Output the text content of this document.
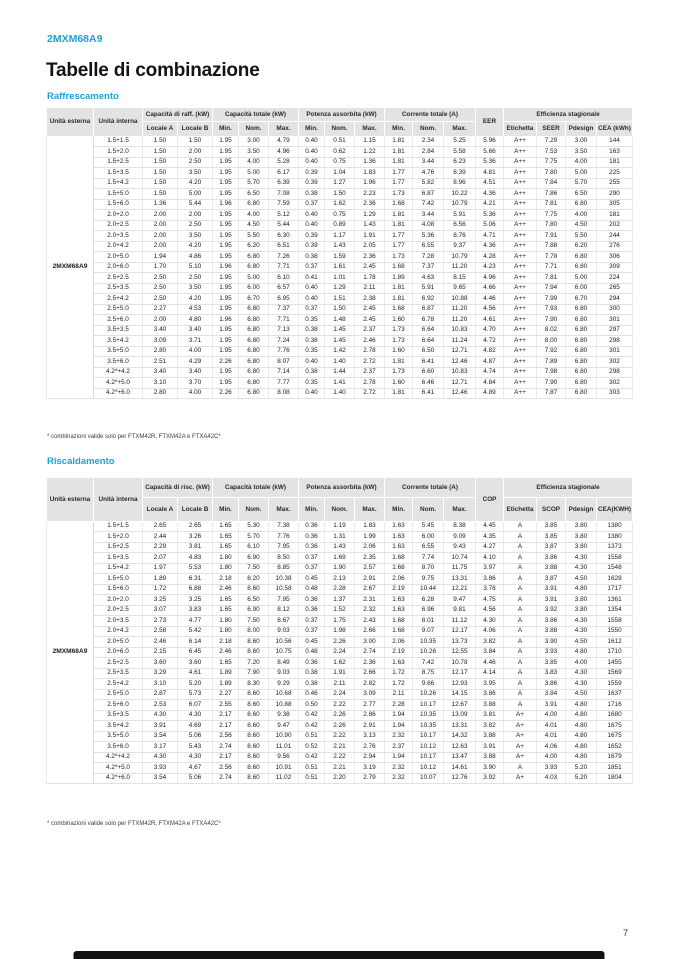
2MXM68A9
Tabelle di combinazione
Raffrescamento
Unità esterna	Unità interna	Capacità di raff. (kW)		Capacità totale (kW)			Potenza assorbita (kW)			Corrente totale (A)			EER	Efficienza stagionale			
		Locale A	Locale B	Min.	Nom.	Max.	Min.	Nom.	Max.	Min.	Nom.	Max.		Etichetta	SEER	Pdesign	CEA (kWh)
2MXM68A9	1.5+1.5	1.50	1.50	1.95	3.00	4.79	0.40	0.51	1.15	1.81	2.34	5.25	5.96	A++	7.29	3.00	144
	1.5+2.0	1.50	2.00	1.95	3.50	4.96	0.40	0.62	1.22	1.81	2.84	5.58	5.66	A++	7.53	3.50	163
	1.5+2.5	1.50	2.50	1.95	4.00	5.28	0.40	0.75	1.36	1.81	3.44	6.23	5.36	A++	7.75	4.00	181
	1.5+3.5	1.50	3.50	1.95	5.00	6.17	0.39	1.04	1.83	1.77	4.76	8.39	4.81	A++	7.80	5.00	225
	1.5+4.2	1.50	4.20	1.95	5.70	6.39	0.39	1.27	1.96	1.77	5.82	8.96	4.51	A++	7.84	5.70	255
	1.5+5.0	1.50	5.00	1.95	6.50	7.08	0.38	1.50	2.23	1.73	6.87	10.22	4.36	A++	7.86	6.50	290
	1.5+6.0	1.36	5.44	1.96	6.80	7.59	0.37	1.62	2.36	1.68	7.42	10.79	4.21	A++	7.81	6.80	305
	2.0+2.0	2.00	2.00	1.95	4.00	5.12	0.40	0.75	1.29	1.81	3.44	5.91	5.36	A++	7.75	4.00	181
	2.0+2.5	2.00	2.50	1.95	4.50	5.44	0.40	0.89	1.43	1.81	4.08	6.56	5.06	A++	7.80	4.50	202
	2.0+3.5	2.00	3.50	1.95	5.50	6.30	0.39	1.17	1.91	1.77	5.36	8.76	4.71	A++	7.91	5.50	244
	2.0+4.2	2.00	4.20	1.95	6.20	6.51	0.39	1.43	2.05	1.77	6.55	9.37	4.36	A++	7.88	6.20	276
	2.0+5.0	1.94	4.86	1.95	6.80	7.26	0.38	1.59	2.36	1.73	7.28	10.79	4.28	A++	7.78	6.80	306
	2.0+6.0	1.70	5.10	1.96	6.80	7.71	0.37	1.61	2.45	1.68	7.37	11.20	4.23	A++	7.71	6.80	309
	2.5+2.5	2.50	2.50	1.95	5.00	6.10	0.41	1.01	1.78	1.89	4.63	8.15	4.96	A++	7.81	5.00	224
	2.5+3.5	2.50	3.50	1.95	6.00	6.57	0.40	1.29	2.11	1.81	5.91	9.65	4.66	A++	7.94	6.00	265
	2.5+4.2	2.50	4.20	1.95	6.70	6.95	0.40	1.51	2.38	1.81	6.92	10.88	4.46	A++	7.99	6.70	294
	2.5+5.0	2.27	4.53	1.95	6.80	7.37	0.37	1.50	2.45	1.68	6.87	11.20	4.56	A++	7.93	6.80	300
	2.5+6.0	2.00	4.80	1.96	6.80	7.71	0.35	1.48	2.45	1.60	6.78	11.20	4.61	A++	7.90	6.80	301
	3.5+3.5	3.40	3.40	1.95	6.80	7.13	0.38	1.45	2.37	1.73	6.64	10.83	4.70	A++	8.02	6.80	297
	3.5+4.2	3.09	3.71	1.95	6.80	7.24	0.38	1.45	2.46	1.73	6.64	11.24	4.72	A++	8.00	6.80	298
	3.5+5.0	2.80	4.00	1.95	6.80	7.76	0.35	1.42	2.78	1.60	6.50	12.71	4.82	A++	7.92	6.80	301
	3.5+6.0	2.51	4.29	2.26	6.80	8.07	0.40	1.40	2.72	1.81	6.41	12.46	4.87	A++	7.89	6.80	302
	4.2*+4.2	3.40	3.40	1.95	6.80	7.14	0.38	1.44	2.37	1.73	6.60	10.83	4.74	A++	7.98	6.80	298
	4.2*+5.0	3.10	3.70	1.95	6.80	7.77	0.35	1.41	2.78	1.60	6.46	12.71	4.84	A++	7.90	6.80	302
	4.2*+6.0	2.80	4.00	2.26	6.80	8.08	0.40	1.40	2.72	1.81	6.41	12.46	4.89	A++	7.87	6.80	303
* combinazioni valide solo per FTXM42R, FTXM42A e FTXA42C*
Riscaldamento
Unità esterna	Unità interna	Capacità di risc. (kW)		Capacità totale (kW)			Potenza assorbita (kW)			Corrente totale (A)			COP	Efficienza stagionale			
		Locale A	Locale B	Min.	Nom.	Max.	Min.	Nom.	Max.	Min.	Nom.	Max.		Etichetta	SCOP	Pdesign	CEA(KWH)
2MXM68A9	1.5+1.5	2.65	2.65	1.65	5.30	7.38	0.36	1.19	1.83	1.63	5.45	8.38	4.45	A	3.85	3.80	1380
	1.5+2.0	2.44	3.26	1.65	5.70	7.76	0.36	1.31	1.99	1.63	6.00	9.09	4.35	A	3.85	3.80	1380
	1.5+2.5	2.29	3.81	1.65	6.10	7.95	0.36	1.43	2.06	1.63	6.55	9.43	4.27	A	3.87	3.80	1373
	1.5+3.5	2.07	4.83	1.80	6.90	8.50	0.37	1.69	2.35	1.68	7.74	10.74	4.10	A	3.86	4.30	1558
	1.5+4.2	1.97	5.53	1.80	7.50	8.85	0.37	1.90	2.57	1.68	8.70	11.75	3.97	A	3.88	4.30	1548
	1.5+5.0	1.89	6.31	2.18	8.20	10.38	0.45	2.13	2.91	2.06	9.75	13.31	3.86	A	3.87	4.50	1628
	1.5+6.0	1.72	6.88	2.46	8.60	10.58	0.48	2.28	2.67	2.19	10.44	12.21	3.78	A	3.91	4.80	1717
	2.0+2.0	3.25	3.25	1.65	6.50	7.95	0.36	1.37	2.31	1.63	6.28	9.47	4.75	A	3.91	3.80	1361
	2.0+2.5	3.07	3.83	1.65	6.90	8.12	0.36	1.52	2.32	1.63	6.96	9.81	4.56	A	3.92	3.80	1354
	2.0+3.5	2.73	4.77	1.80	7.50	8.67	0.37	1.75	2.43	1.68	8.01	11.12	4.30	A	3.86	4.30	1558
	2.0+4.2	2.58	5.42	1.80	8.00	9.03	0.37	1.98	2.66	1.68	9.07	12.17	4.06	A	3.88	4.30	1550
	2.0+5.0	2.46	6.14	2.18	8.60	10.56	0.45	2.26	3.00	2.06	10.35	13.73	3.82	A	3.90	4.50	1612
	2.0+6.0	2.15	6.45	2.46	8.60	10.75	0.48	2.24	2.74	2.19	10.26	12.55	3.84	A	3.93	4.80	1710
	2.5+2.5	3.60	3.60	1.65	7.20	8.49	0.36	1.62	2.36	1.63	7.42	10.78	4.46	A	3.85	4.00	1455
	2.5+3.5	3.29	4.61	1.89	7.90	9.03	0.38	1.91	2.66	1.72	8.75	12.17	4.14	A	3.83	4.30	1569
	2.5+4.2	3.10	5.20	1.89	8.30	9.29	0.38	2.11	2.82	1.72	9.66	12.93	3.95	A	3.86	4.30	1559
	2.5+5.0	2.87	5.73	2.27	8.60	10.68	0.46	2.24	3.09	2.11	10.26	14.15	3.86	A	3.84	4.50	1637
	2.5+6.0	2.53	6.07	2.55	8.60	10.88	0.50	2.22	2.77	2.28	10.17	12.67	3.88	A	3.91	4.80	1716
	3.5+3.5	4.30	4.30	2.17	8.60	9.38	0.42	2.26	2.86	1.94	10.35	13.09	3.81	A+	4.00	4.80	1680
	3.5+4.2	3.91	4.69	2.17	8.60	9.47	0.42	2.26	2.91	1.94	10.35	13.31	3.82	A+	4.01	4.80	1675
	3.5+5.0	3.54	5.06	2.56	8.60	10.90	0.51	2.22	3.13	2.32	10.17	14.32	3.88	A+	4.01	4.80	1675
	3.5+6.0	3.17	5.43	2.74	8.60	11.01	0.52	2.21	2.76	2.37	10.12	12.63	3.91	A+	4.06	4.80	1652
	4.2*+4.2	4.30	4.30	2.17	8.60	9.56	0.42	2.22	2.94	1.94	10.17	13.47	3.88	A+	4.00	4.80	1679
	4.2*+5.0	3.93	4.67	2.56	8.60	10.91	0.51	2.21	3.19	2.32	10.12	14.61	3.90	A	3.93	5.20	1851
	4.2*+6.0	3.54	5.06	2.74	8.60	11.02	0.51	2.20	2.79	2.32	10.07	12.76	3.92	A+	4.03	5.20	1804
* combinazioni valide solo per FTXM42R, FTXM42A e FTXA42C*
7
